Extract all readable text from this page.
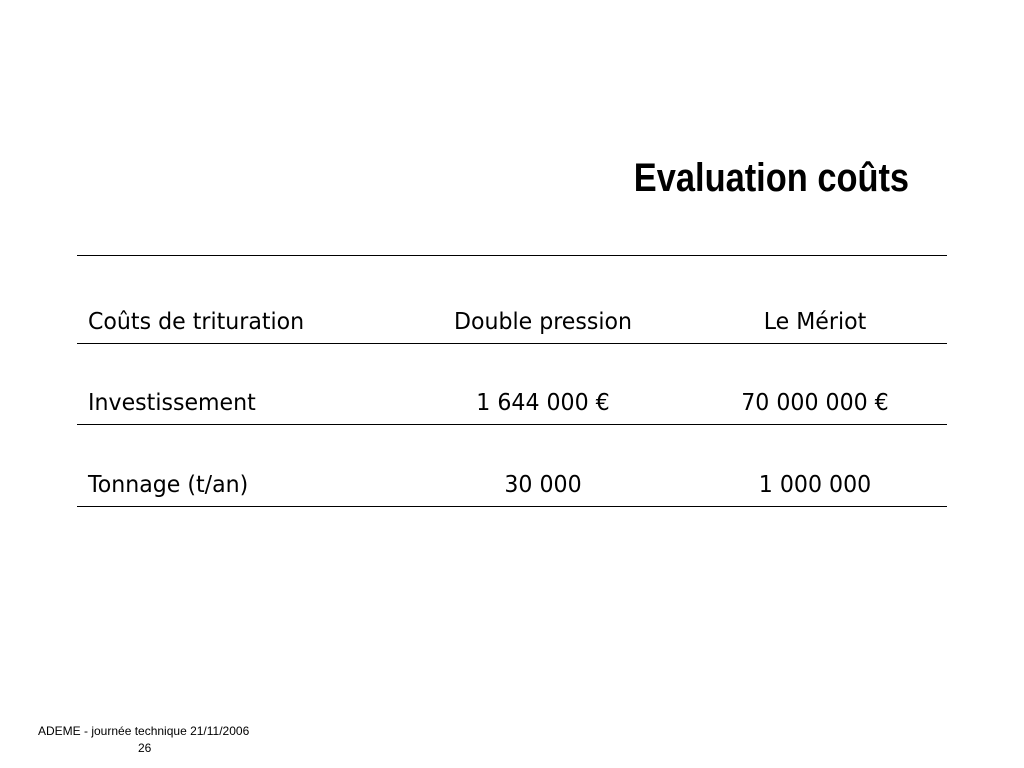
Evaluation coûts
Coûts de trituration	Double pression	Le Mériot
Investissement	1 644 000 €	70 000 000 €
Tonnage (t/an)	30 000	1 000 000
ADEME - journée technique 21/11/2006
26
